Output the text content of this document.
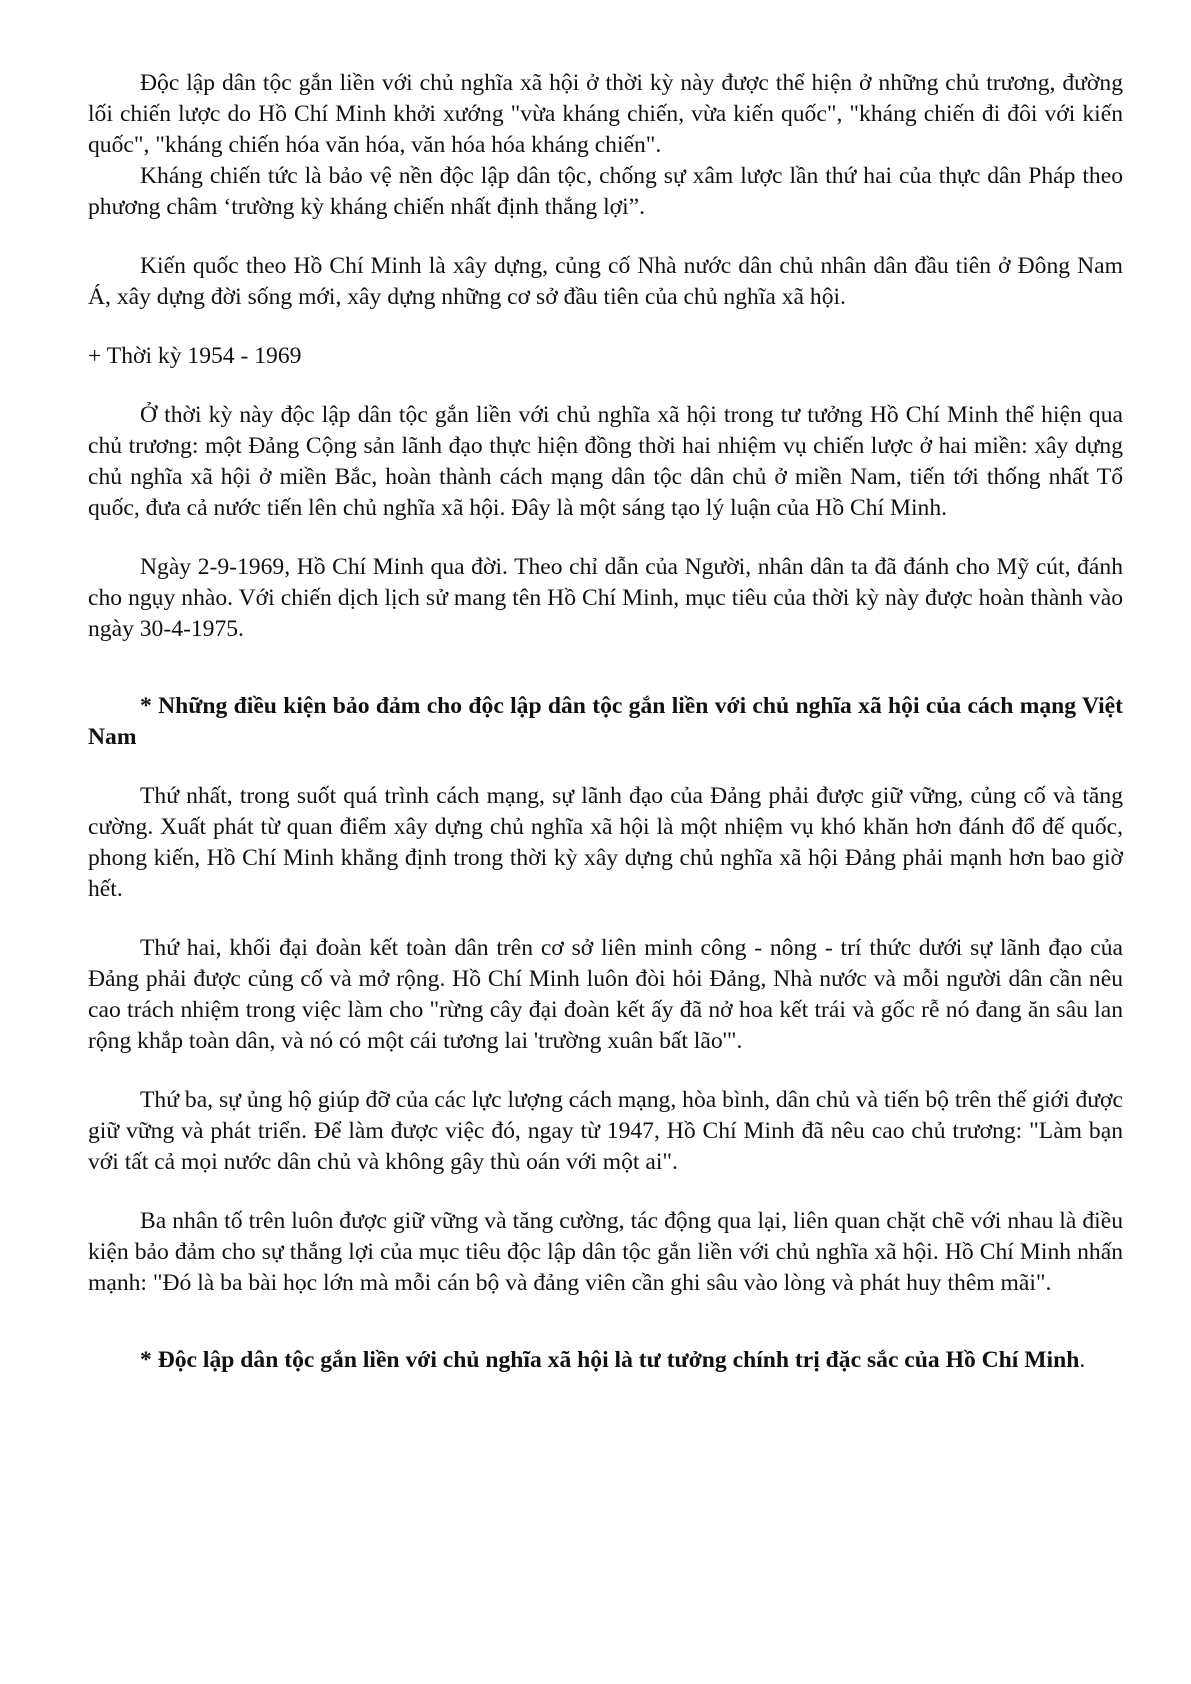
Độc lập dân tộc gắn liền với chủ nghĩa xã hội ở thời kỳ này được thể hiện ở những chủ trương, đường lối chiến lược do Hồ Chí Minh khởi xướng "vừa kháng chiến, vừa kiến quốc", "kháng chiến đi đôi với kiến quốc", "kháng chiến hóa văn hóa, văn hóa hóa kháng chiến".

Kháng chiến tức là bảo vệ nền độc lập dân tộc, chống sự xâm lược lần thứ hai của thực dân Pháp theo phương châm ‘trường kỳ kháng chiến nhất định thắng lợi”.

Kiến quốc theo Hồ Chí Minh là xây dựng, củng cố Nhà nước dân chủ nhân dân đầu tiên ở Đông Nam Á, xây dựng đời sống mới, xây dựng những cơ sở đầu tiên của chủ nghĩa xã hội.

+ Thời kỳ 1954 - 1969

Ở thời kỳ này độc lập dân tộc gắn liền với chủ nghĩa xã hội trong tư tưởng Hồ Chí Minh thể hiện qua chủ trương: một Đảng Cộng sản lãnh đạo thực hiện đồng thời hai nhiệm vụ chiến lược ở hai miền: xây dựng chủ nghĩa xã hội ở miền Bắc, hoàn thành cách mạng dân tộc dân chủ ở miền Nam, tiến tới thống nhất Tổ quốc, đưa cả nước tiến lên chủ nghĩa xã hội. Đây là một sáng tạo lý luận của Hồ Chí Minh.

Ngày 2-9-1969, Hồ Chí Minh qua đời. Theo chỉ dẫn của Người, nhân dân ta đã đánh cho Mỹ cút, đánh cho ngụy nhào. Với chiến dịch lịch sử mang tên Hồ Chí Minh, mục tiêu của thời kỳ này được hoàn thành vào ngày 30-4-1975.

* Những điều kiện bảo đảm cho độc lập dân tộc gắn liền với chủ nghĩa xã hội của cách mạng Việt Nam

Thứ nhất, trong suốt quá trình cách mạng, sự lãnh đạo của Đảng phải được giữ vững, củng cố và tăng cường. Xuất phát từ quan điểm xây dựng chủ nghĩa xã hội là một nhiệm vụ khó khăn hơn đánh đổ đế quốc, phong kiến, Hồ Chí Minh khẳng định trong thời kỳ xây dựng chủ nghĩa xã hội Đảng phải mạnh hơn bao giờ hết.

Thứ hai, khối đại đoàn kết toàn dân trên cơ sở liên minh công - nông - trí thức dưới sự lãnh đạo của Đảng phải được củng cố và mở rộng. Hồ Chí Minh luôn đòi hỏi Đảng, Nhà nước và mỗi người dân cần nêu cao trách nhiệm trong việc làm cho "rừng cây đại đoàn kết ấy đã nở hoa kết trái và gốc rễ nó đang ăn sâu lan rộng khắp toàn dân, và nó có một cái tương lai 'trường xuân bất lão'".

Thứ ba, sự ủng hộ giúp đỡ của các lực lượng cách mạng, hòa bình, dân chủ và tiến bộ trên thế giới được giữ vững và phát triển. Để làm được việc đó, ngay từ 1947, Hồ Chí Minh đã nêu cao chủ trương: "Làm bạn với tất cả mọi nước dân chủ và không gây thù oán với một ai".

Ba nhân tố trên luôn được giữ vững và tăng cường, tác động qua lại, liên quan chặt chẽ với nhau là điều kiện bảo đảm cho sự thắng lợi của mục tiêu độc lập dân tộc gắn liền với chủ nghĩa xã hội. Hồ Chí Minh nhấn mạnh: "Đó là ba bài học lớn mà mỗi cán bộ và đảng viên cần ghi sâu vào lòng và phát huy thêm mãi".

* Độc lập dân tộc gắn liền với chủ nghĩa xã hội là tư tưởng chính trị đặc sắc của Hồ Chí Minh.
